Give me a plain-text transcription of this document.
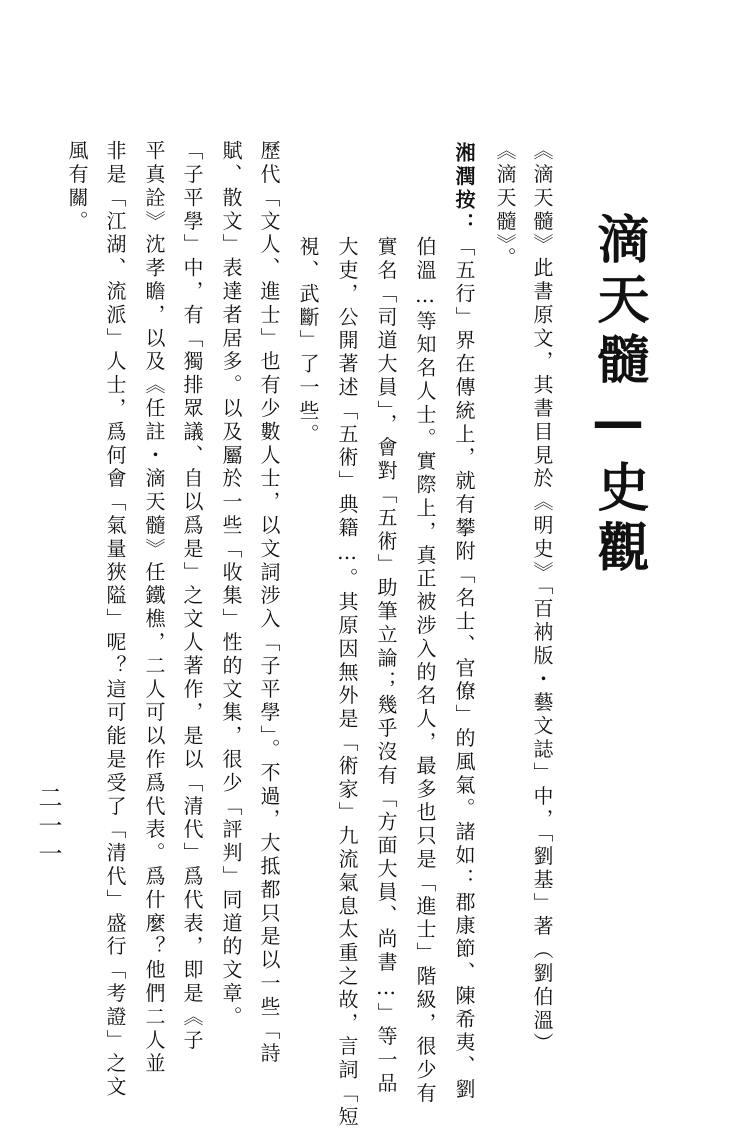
滴天髓—史觀

《滴天髓》此書原文，其書目見於《明史》「百衲版・藝文誌」中，「劉基」著（劉伯溫）

《滴天髓》。

湘潤按：

「五行」界在傳統上，就有攀附「名士、官僚」的風氣。諸如：郡康節、陳希夷、劉

伯溫…等知名人士。實際上，真正被涉入的名人，最多也只是「進士」階級，很少有

實名「司道大員」，會對「五術」助筆立論；幾乎沒有「方面大員、尚書…」等一品

大吏，公開著述「五術」典籍…。其原因無外是「術家」九流氣息太重之故，言詞「短

視、武斷」了一些。

歷代「文人、進士」也有少數人士，以文詞涉入「子平學」。不過，大抵都只是以一些「詩

賦、散文」表達者居多。以及屬於一些「收集」性的文集，很少「評判」同道的文章。

「子平學」中，有「獨排眾議、自以爲是」之文人著作，是以「清代」爲代表，即是《子

平真詮》沈孝瞻，以及《任註・滴天髓》任鐵樵，二人可以作爲代表。爲什麼？他們二人並

非是「江湖、流派」人士，爲何會「氣量狹隘」呢？這可能是受了「清代」盛行「考證」之文

風有關。

二一一
